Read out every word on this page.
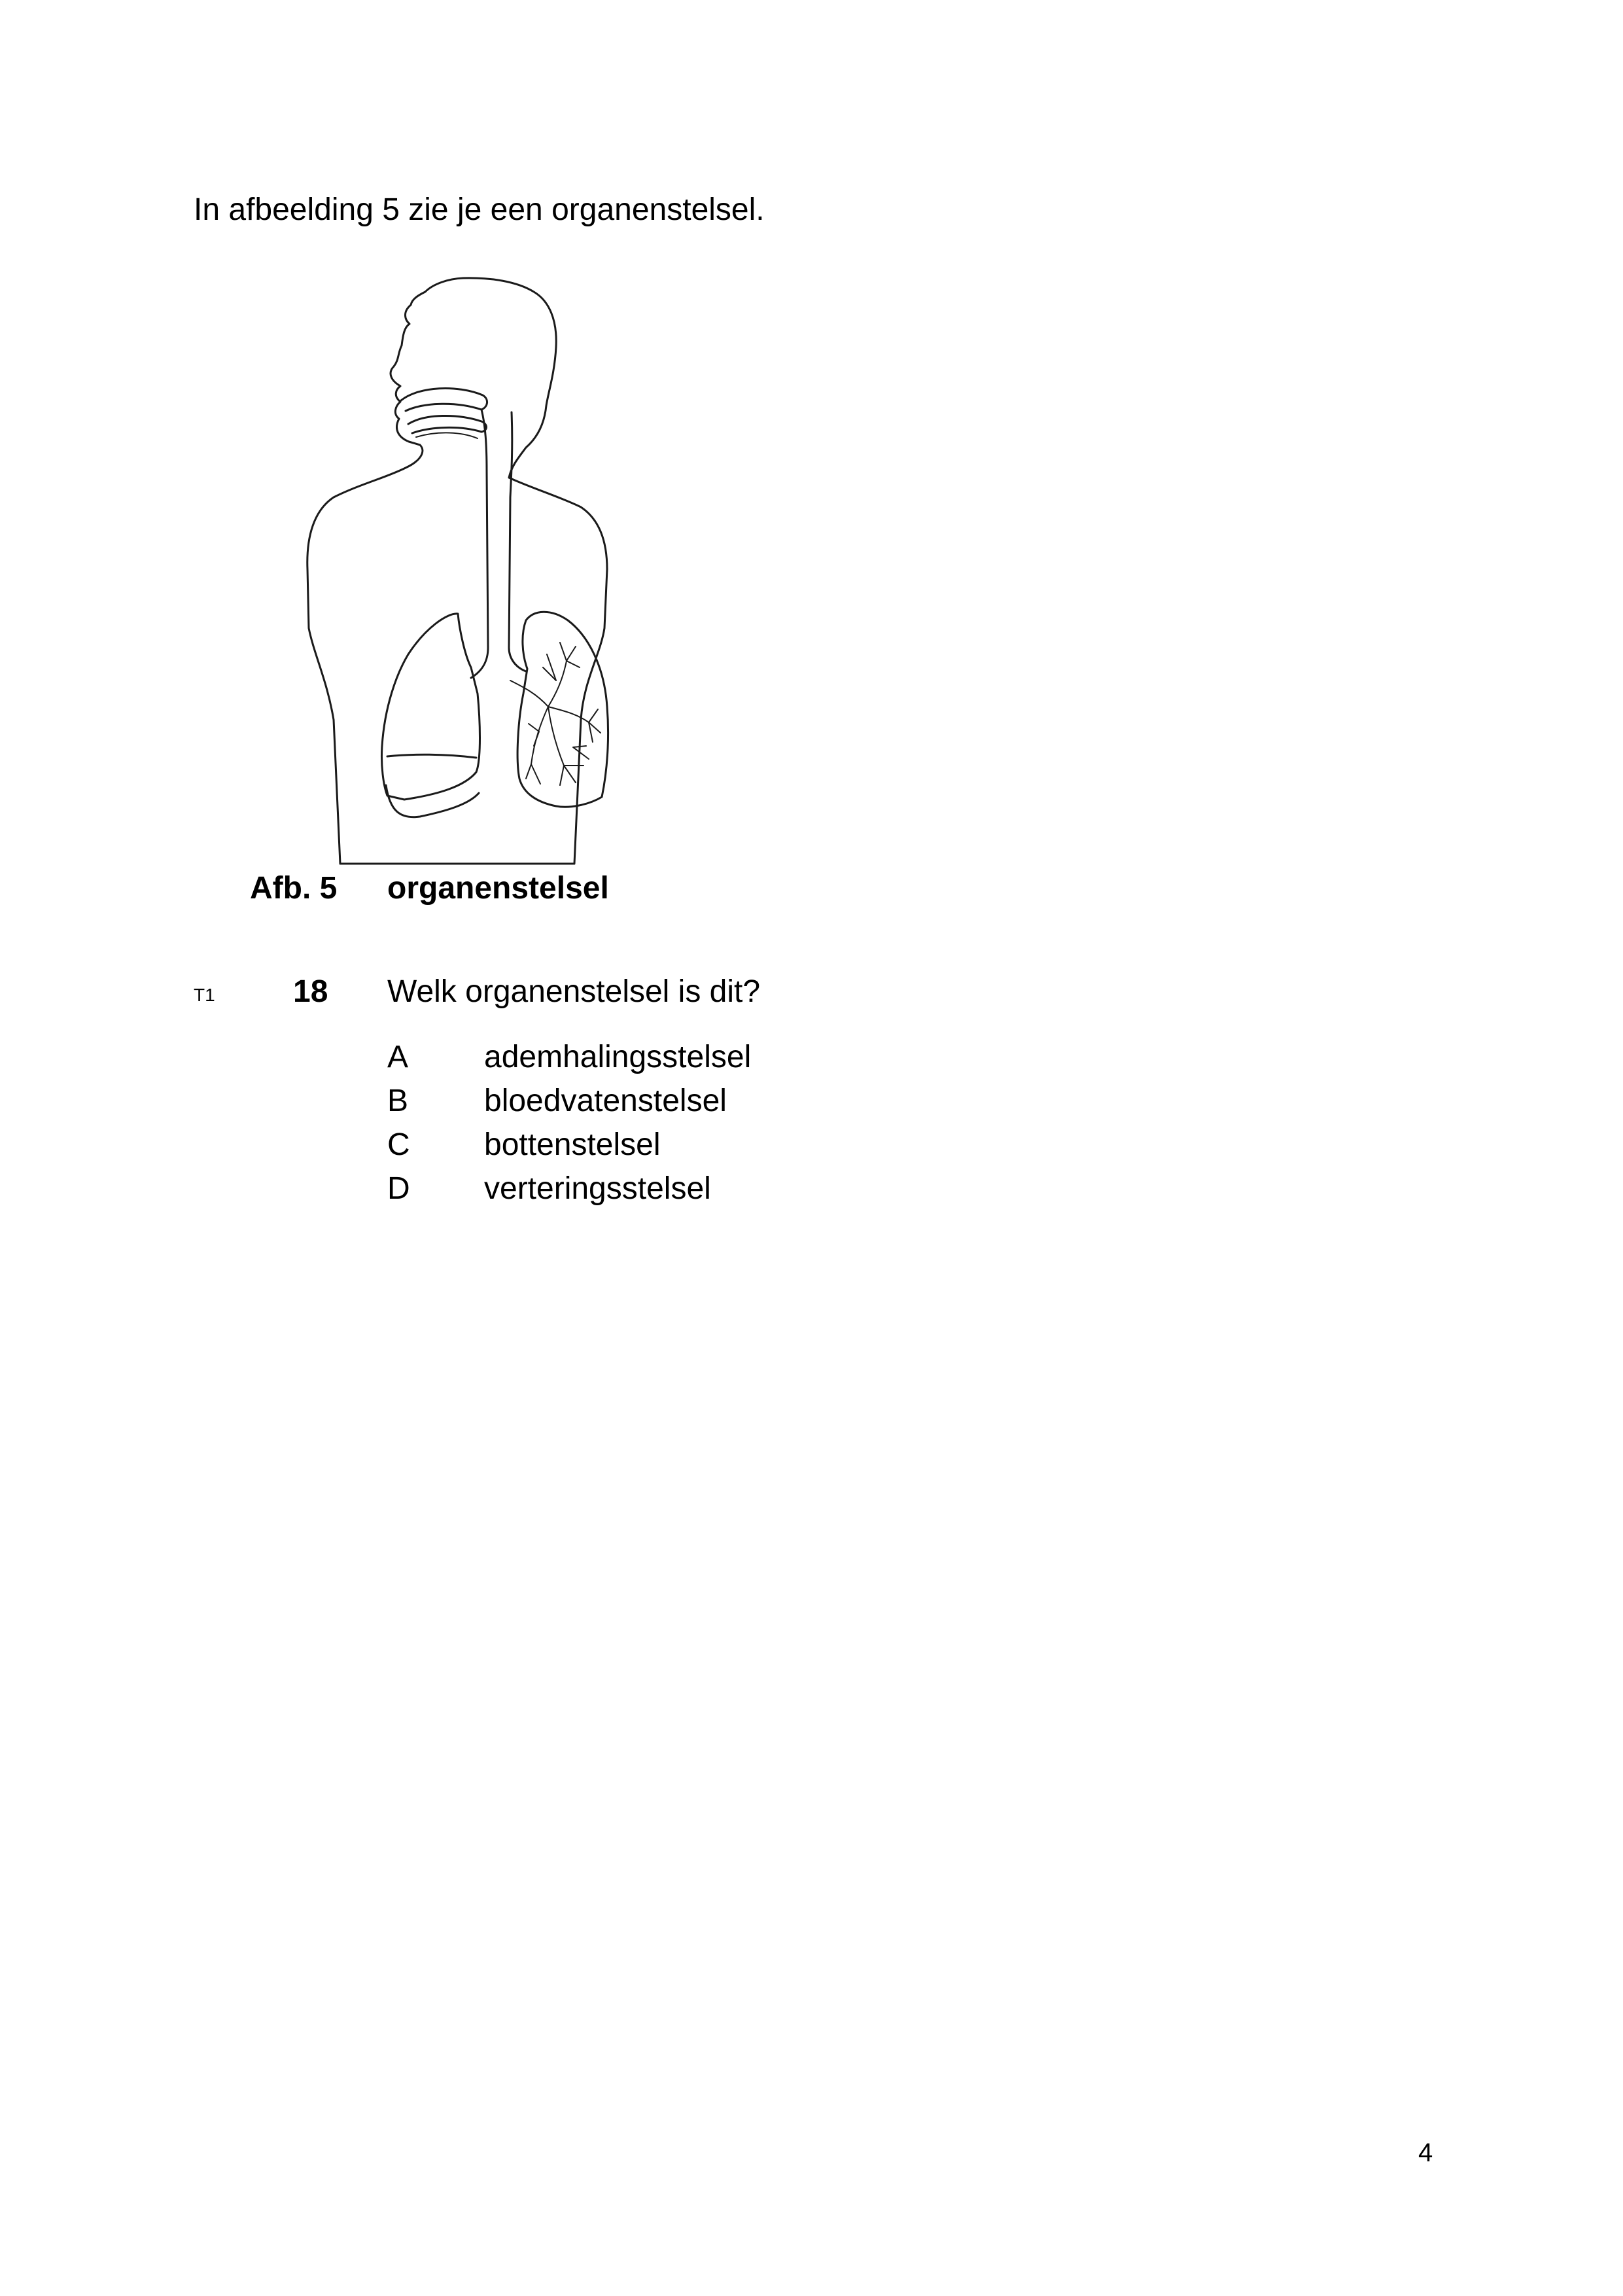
In afbeelding 5 zie je een organenstelsel.
Afb. 5 organenstelsel
T1 18 Welk organenstelsel is dit?
A ademhalingsstelsel
B bloedvatenstelsel
C bottenstelsel
D verteringsstelsel
4
